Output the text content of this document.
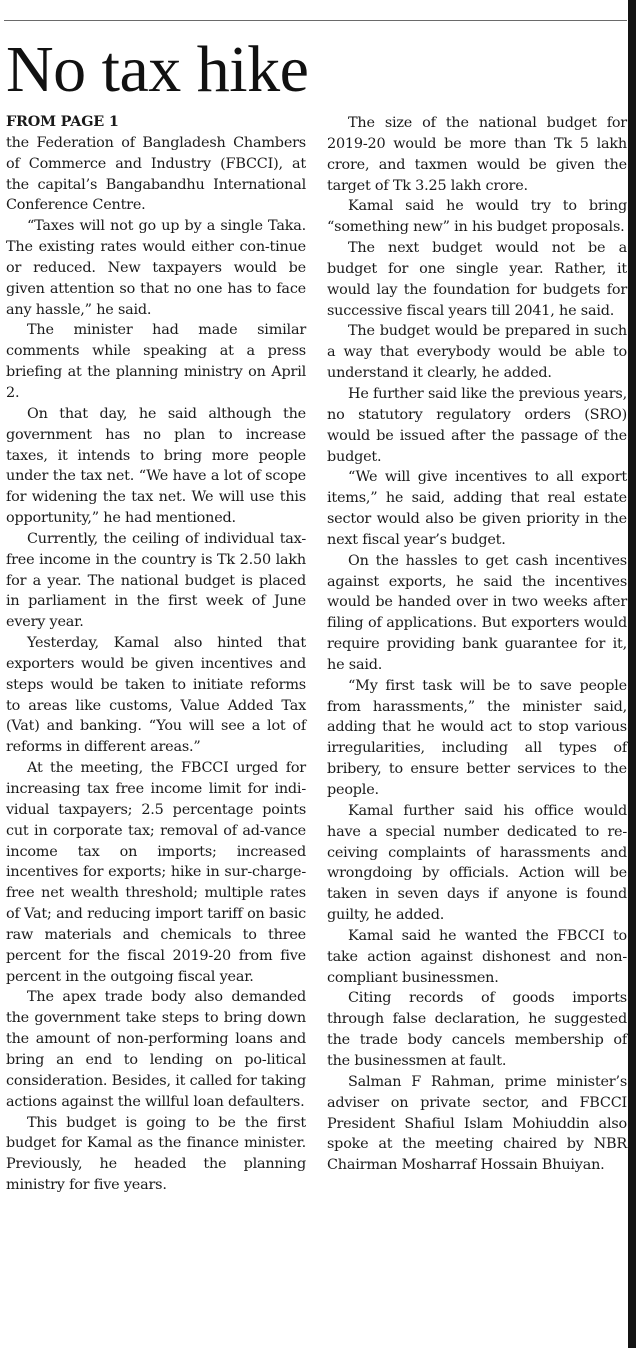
No tax hike

FROM PAGE 1

the Federation of Bangladesh Chambers of Commerce and Industry (FBCCI), at the capital’s Bangabandhu International Conference Centre.

“Taxes will not go up by a single Taka. The existing rates would either con-tinue or reduced. New taxpayers would be given attention so that no one has to face any hassle,” he said.

The minister had made similar comments while speaking at a press briefing at the planning ministry on April 2.

On that day, he said although the government has no plan to increase taxes, it intends to bring more people under the tax net. “We have a lot of scope for widening the tax net. We will use this opportunity,” he had mentioned.

Currently, the ceiling of individual tax-free income in the country is Tk 2.50 lakh for a year. The national budget is placed in parliament in the first week of June every year.

Yesterday, Kamal also hinted that exporters would be given incentives and steps would be taken to initiate reforms to areas like customs, Value Added Tax (Vat) and banking. “You will see a lot of reforms in different areas.”

At the meeting, the FBCCI urged for increasing tax free income limit for indi-vidual taxpayers; 2.5 percentage points cut in corporate tax; removal of ad-vance income tax on imports; increased incentives for exports; hike in sur-charge-free net wealth threshold; multiple rates of Vat; and reducing import tariff on basic raw materials and chemicals to three percent for the fiscal 2019-20 from five percent in the outgoing fiscal year.

The apex trade body also demanded the government take steps to bring down the amount of non-performing loans and bring an end to lending on po-litical consideration. Besides, it called for taking actions against the willful loan defaulters.

This budget is going to be the first budget for Kamal as the finance minister. Previously, he headed the planning ministry for five years.

The size of the national budget for 2019-20 would be more than Tk 5 lakh crore, and taxmen would be given the target of Tk 3.25 lakh crore.

Kamal said he would try to bring “something new” in his budget proposals.

The next budget would not be a budget for one single year. Rather, it would lay the foundation for budgets for successive fiscal years till 2041, he said.

The budget would be prepared in such a way that everybody would be able to understand it clearly, he added.

He further said like the previous years, no statutory regulatory orders (SRO) would be issued after the passage of the budget.

“We will give incentives to all export items,” he said, adding that real estate sector would also be given priority in the next fiscal year’s budget.

On the hassles to get cash incentives against exports, he said the incentives would be handed over in two weeks after filing of applications. But exporters would require providing bank guarantee for it, he said.

“My first task will be to save people from harassments,” the minister said, adding that he would act to stop various irregularities, including all types of bribery, to ensure better services to the people.

Kamal further said his office would have a special number dedicated to re-ceiving complaints of harassments and wrongdoing by officials. Action will be taken in seven days if anyone is found guilty, he added.

Kamal said he wanted the FBCCI to take action against dishonest and non-compliant businessmen.

Citing records of goods imports through false declaration, he suggested the trade body cancels membership of the businessmen at fault.

Salman F Rahman, prime minister’s adviser on private sector, and FBCCI President Shafiul Islam Mohiuddin also spoke at the meeting chaired by NBR Chairman Mosharraf Hossain Bhuiyan.
